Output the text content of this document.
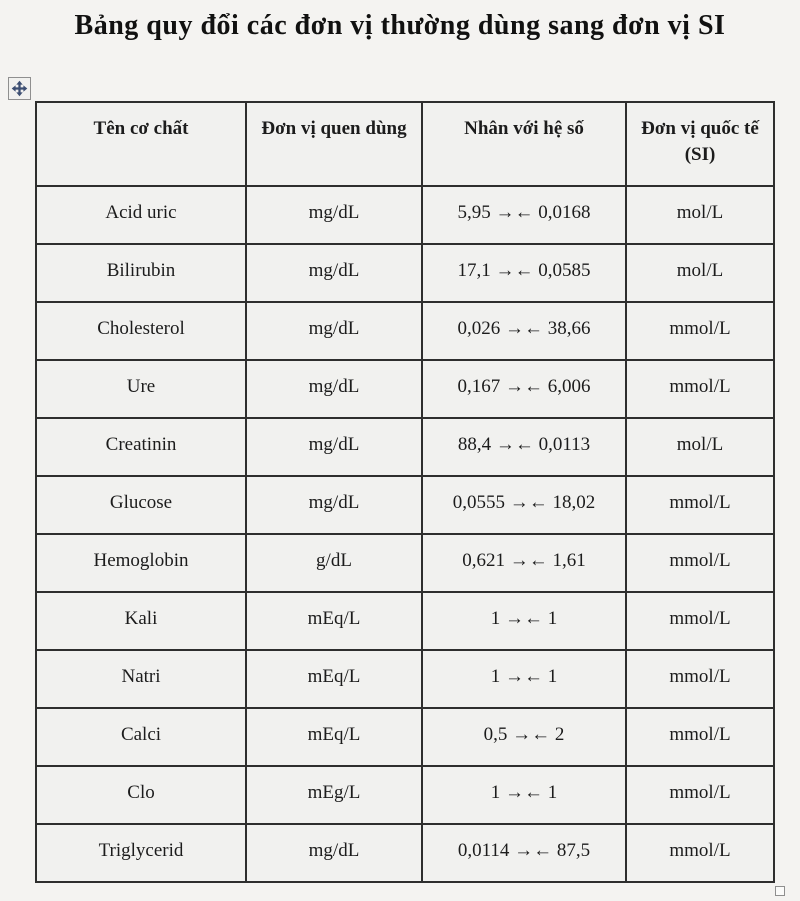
Bảng quy đổi các đơn vị thường dùng sang đơn vị SI
Tên cơ chất	Đơn vị quen dùng	Nhân với hệ số	Đơn vị quốc tế (SI)
Acid uric	mg/dL	5,95 →← 0,0168	mol/L
Bilirubin	mg/dL	17,1 →← 0,0585	mol/L
Cholesterol	mg/dL	0,026 →← 38,66	mmol/L
Ure	mg/dL	0,167 →← 6,006	mmol/L
Creatinin	mg/dL	88,4 →← 0,0113	mol/L
Glucose	mg/dL	0,0555 →← 18,02	mmol/L
Hemoglobin	g/dL	0,621 →← 1,61	mmol/L
Kali	mEq/L	1 →← 1	mmol/L
Natri	mEq/L	1 →← 1	mmol/L
Calci	mEq/L	0,5 →← 2	mmol/L
Clo	mEg/L	1 →← 1	mmol/L
Triglycerid	mg/dL	0,0114 →← 87,5	mmol/L
